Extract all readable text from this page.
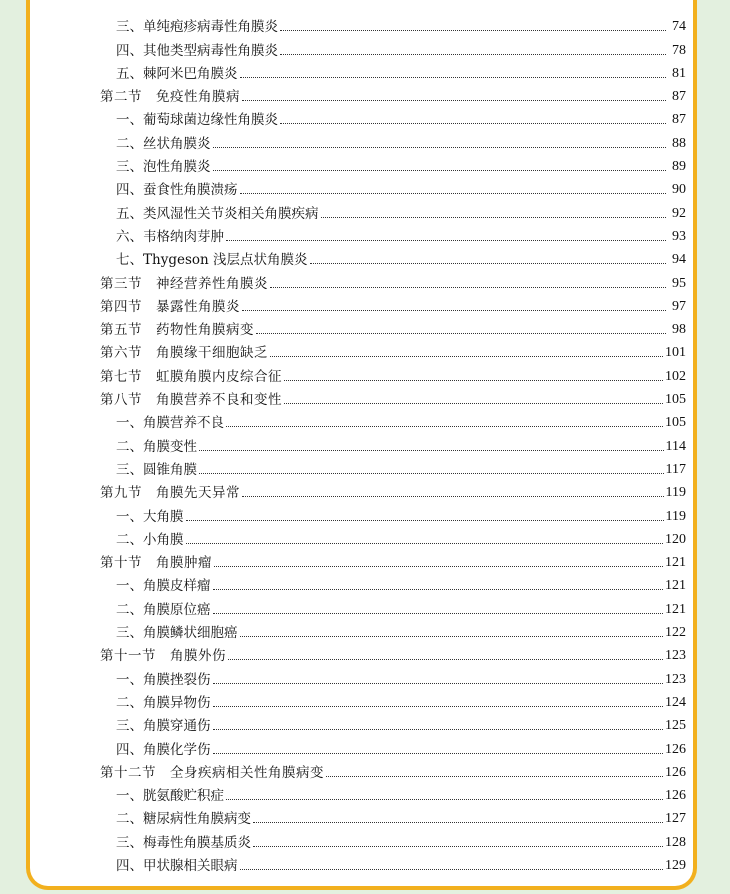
三、单纯疱疹病毒性角膜炎	74
四、其他类型病毒性角膜炎	78
五、棘阿米巴角膜炎	81
第二节　免疫性角膜病	87
一、葡萄球菌边缘性角膜炎	87
二、丝状角膜炎	88
三、泡性角膜炎	89
四、蚕食性角膜溃疡	90
五、类风湿性关节炎相关角膜疾病	92
六、韦格纳肉芽肿	93
七、Thygeson 浅层点状角膜炎	94
第三节　神经营养性角膜炎	95
第四节　暴露性角膜炎	97
第五节　药物性角膜病变	98
第六节　角膜缘干细胞缺乏	101
第七节　虹膜角膜内皮综合征	102
第八节　角膜营养不良和变性	105
一、角膜营养不良	105
二、角膜变性	114
三、圆锥角膜	117
第九节　角膜先天异常	119
一、大角膜	119
二、小角膜	120
第十节　角膜肿瘤	121
一、角膜皮样瘤	121
二、角膜原位癌	121
三、角膜鳞状细胞癌	122
第十一节　角膜外伤	123
一、角膜挫裂伤	123
二、角膜异物伤	124
三、角膜穿通伤	125
四、角膜化学伤	126
第十二节　全身疾病相关性角膜病变	126
一、胱氨酸贮积症	126
二、糖尿病性角膜病变	127
三、梅毒性角膜基质炎	128
四、甲状腺相关眼病	129
